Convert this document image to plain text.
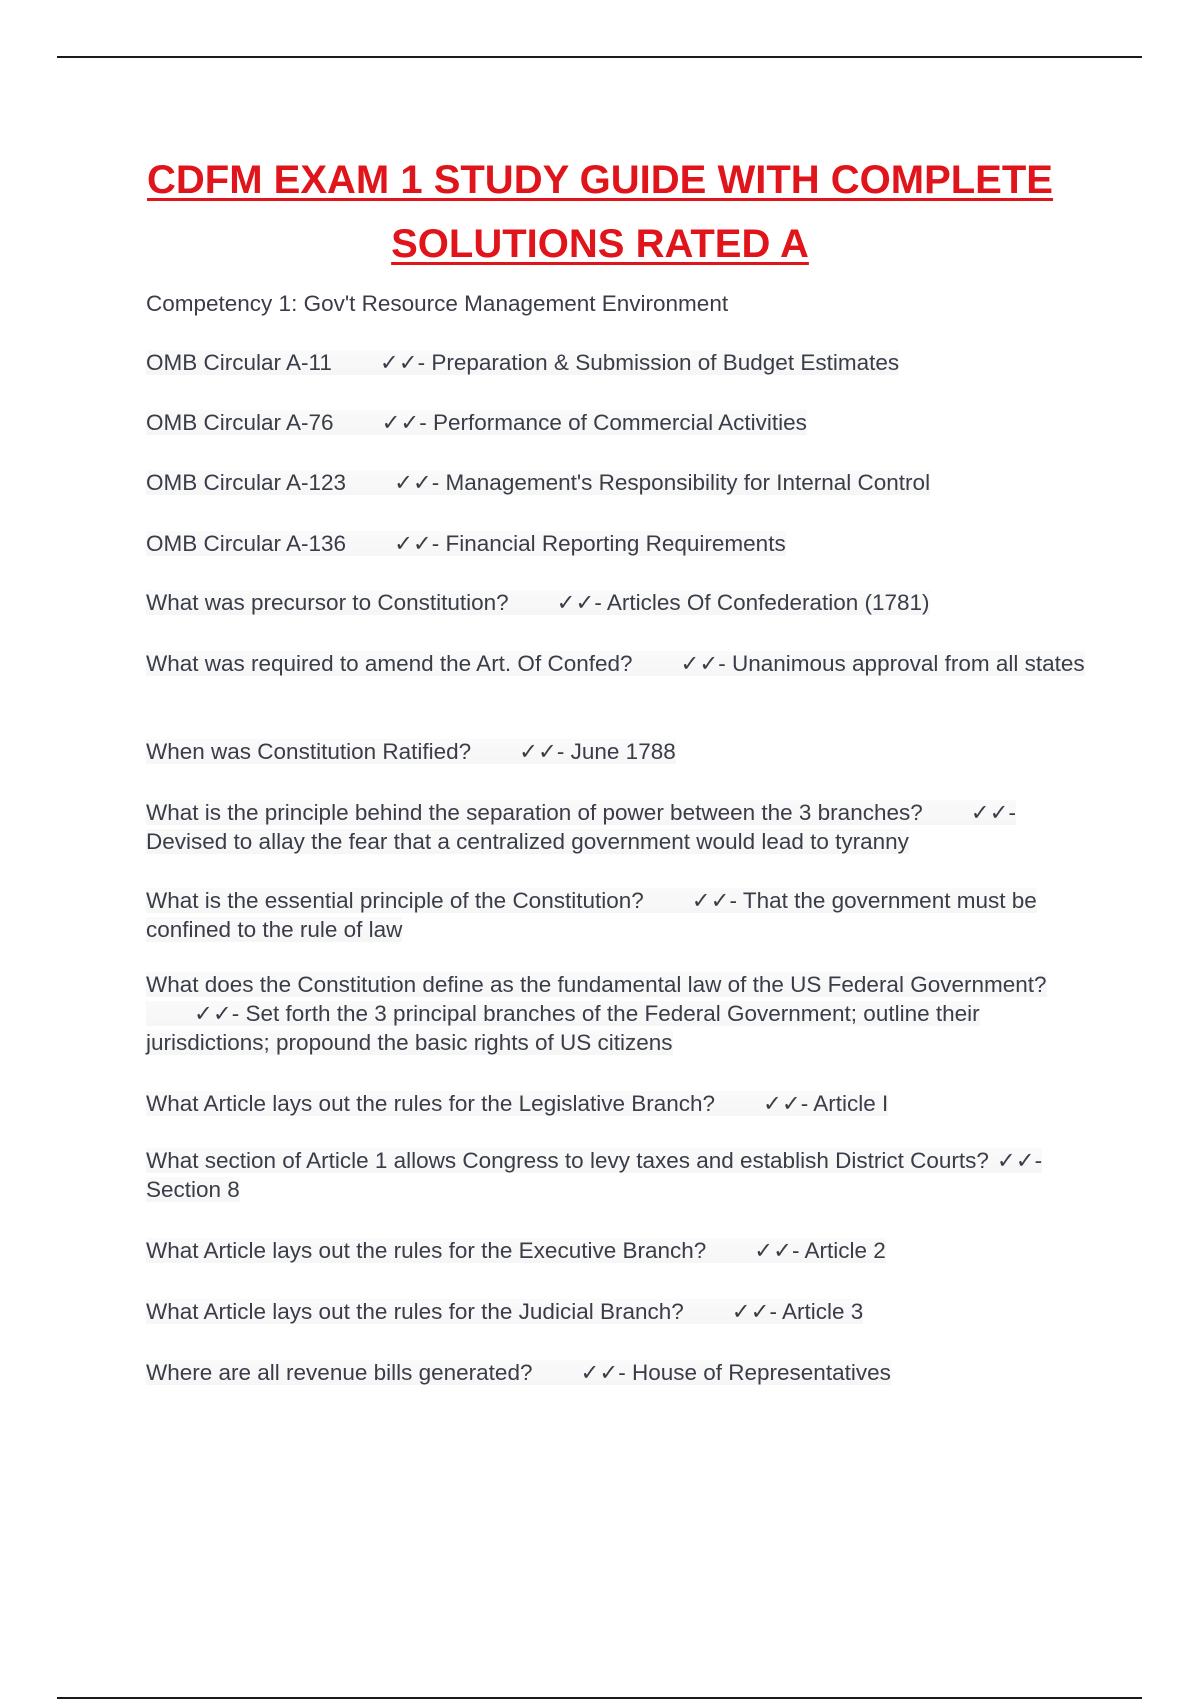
CDFM EXAM 1 STUDY GUIDE WITH COMPLETE
SOLUTIONS RATED A
Competency 1: Gov't Resource Management Environment
OMB Circular A-11 ✓✓- Preparation & Submission of Budget Estimates
OMB Circular A-76 ✓✓- Performance of Commercial Activities
OMB Circular A-123 ✓✓- Management's Responsibility for Internal Control
OMB Circular A-136 ✓✓- Financial Reporting Requirements
What was precursor to Constitution? ✓✓- Articles Of Confederation (1781)
What was required to amend the Art. Of Confed? ✓✓- Unanimous approval from all states
When was Constitution Ratified? ✓✓- June 1788
What is the principle behind the separation of power between the 3 branches? ✓✓- Devised to allay the fear that a centralized government would lead to tyranny
What is the essential principle of the Constitution? ✓✓- That the government must be confined to the rule of law
What does the Constitution define as the fundamental law of the US Federal Government?✓✓- Set forth the 3 principal branches of the Federal Government; outline their jurisdictions; propound the basic rights of US citizens
What Article lays out the rules for the Legislative Branch? ✓✓- Article I
What section of Article 1 allows Congress to levy taxes and establish District Courts? ✓✓- Section 8
What Article lays out the rules for the Executive Branch? ✓✓- Article 2
What Article lays out the rules for the Judicial Branch? ✓✓- Article 3
Where are all revenue bills generated? ✓✓- House of Representatives
